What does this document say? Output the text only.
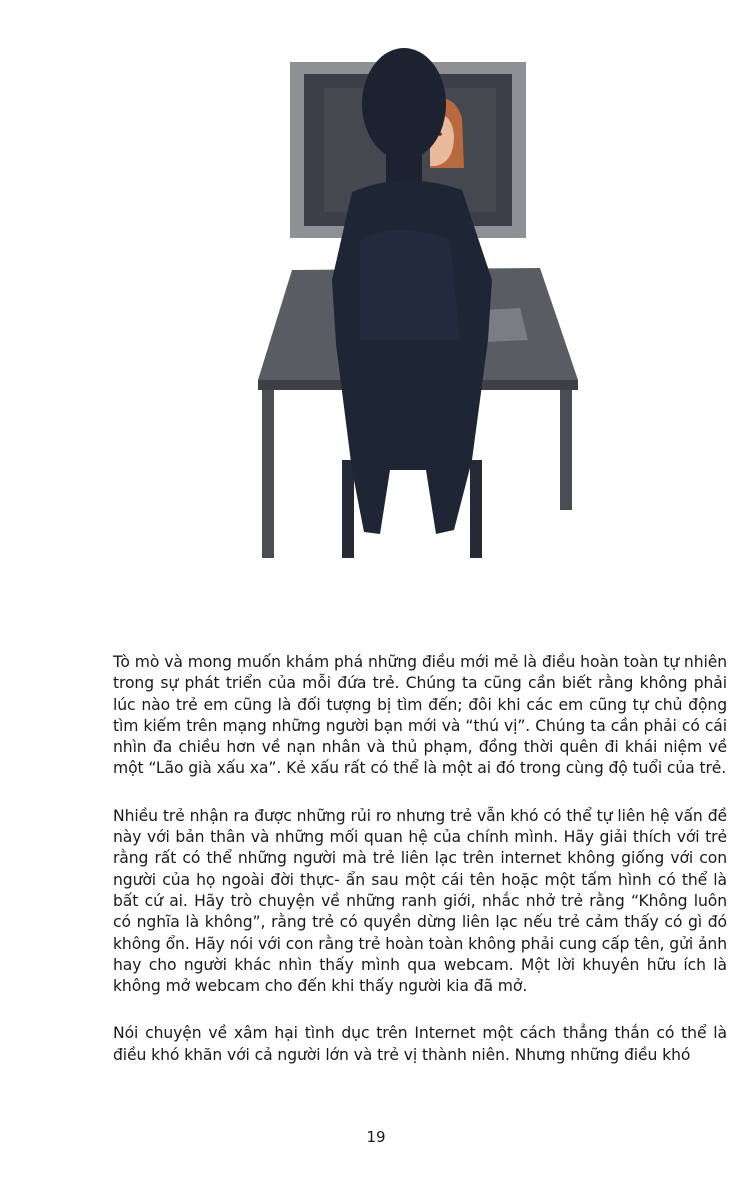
Tò mò và mong muốn khám phá những điều mới mẻ là điều hoàn toàn tự nhiên trong sự phát triển của mỗi đứa trẻ. Chúng ta cũng cần biết rằng không phải lúc nào trẻ em cũng là đối tượng bị tìm đến; đôi khi các em cũng tự chủ động tìm kiếm trên mạng những người bạn mới và “thú vị”. Chúng ta cần phải có cái nhìn đa chiều hơn về nạn nhân và thủ phạm, đồng thời quên đi khái niệm về một “Lão già xấu xa”. Kẻ xấu rất có thể là một ai đó trong cùng độ tuổi của trẻ.

Nhiều trẻ nhận ra được những rủi ro nhưng trẻ vẫn khó có thể tự liên hệ vấn đề này với bản thân và những mối quan hệ của chính mình. Hãy giải thích với trẻ rằng rất có thể những người mà trẻ liên lạc trên internet không giống với con người của họ ngoài đời thực- ẩn sau một cái tên hoặc một tấm hình có thể là bất cứ ai. Hãy trò chuyện về những ranh giới, nhắc nhở trẻ rằng “Không luôn có nghĩa là không”, rằng trẻ có quyền dừng liên lạc nếu trẻ cảm thấy có gì đó không ổn. Hãy nói với con rằng trẻ hoàn toàn không phải cung cấp tên, gửi ảnh hay cho người khác nhìn thấy mình qua webcam. Một lời khuyên hữu ích là không mở webcam cho đến khi thấy người kia đã mở.

Nói chuyện về xâm hại tình dục trên Internet một cách thẳng thắn có thể là điều khó khăn với cả người lớn và trẻ vị thành niên. Nhưng những điều khó

19
